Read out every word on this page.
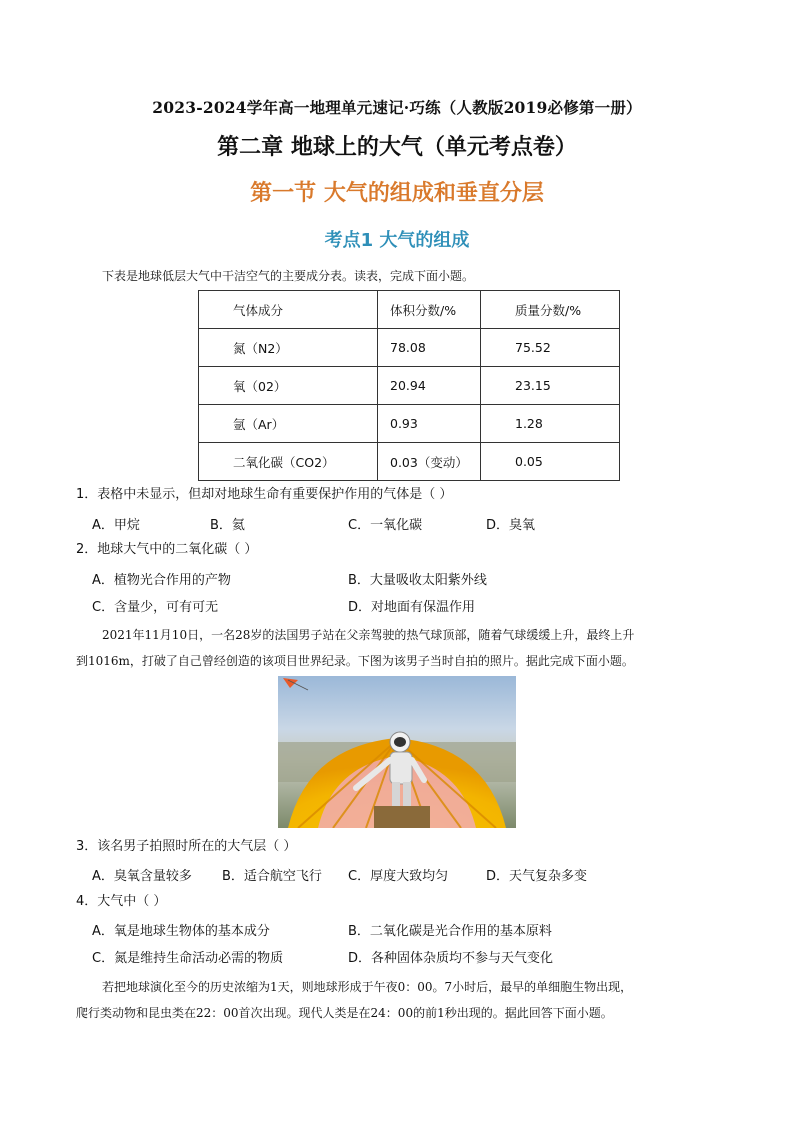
2023-2024学年高一地理单元速记·巧练（人教版2019必修第一册）
第二章 地球上的大气（单元考点卷）
第一节 大气的组成和垂直分层
考点1 大气的组成
下表是地球低层大气中干洁空气的主要成分表。读表，完成下面小题。
气体成分	体积分数/%	质量分数/%
氮（N2）	78.08	75.52
氧（02）	20.94	23.15
氩（Ar）	0.93	1.28
二氧化碳（CO2）	0.03（变动）	0.05
1．表格中未显示，但却对地球生命有重要保护作用的气体是（ ）
A．甲烷	B．氦	C．一氧化碳	D．臭氧
2．地球大气中的二氧化碳（ ）
A．植物光合作用的产物	B．大量吸收太阳紫外线
C．含量少，可有可无	D．对地面有保温作用
2021年11月10日，一名28岁的法国男子站在父亲驾驶的热气球顶部，随着气球缓缓上升，最终上升
到1016m，打破了自己曾经创造的该项目世界纪录。下图为该男子当时自拍的照片。据此完成下面小题。
3．该名男子拍照时所在的大气层（ ）
A．臭氧含量较多 B．适合航空飞行 C．厚度大致均匀	D．天气复杂多变
4．大气中（ ）
A．氧是地球生物体的基本成分	B．二氧化碳是光合作用的基本原料
C．氮是维持生命活动必需的物质	D．各种固体杂质均不参与天气变化
若把地球演化至今的历史浓缩为1天，则地球形成于午夜0：00。7小时后，最早的单细胞生物出现，
爬行类动物和昆虫类在22：00首次出现。现代人类是在24：00的前1秒出现的。据此回答下面小题。
